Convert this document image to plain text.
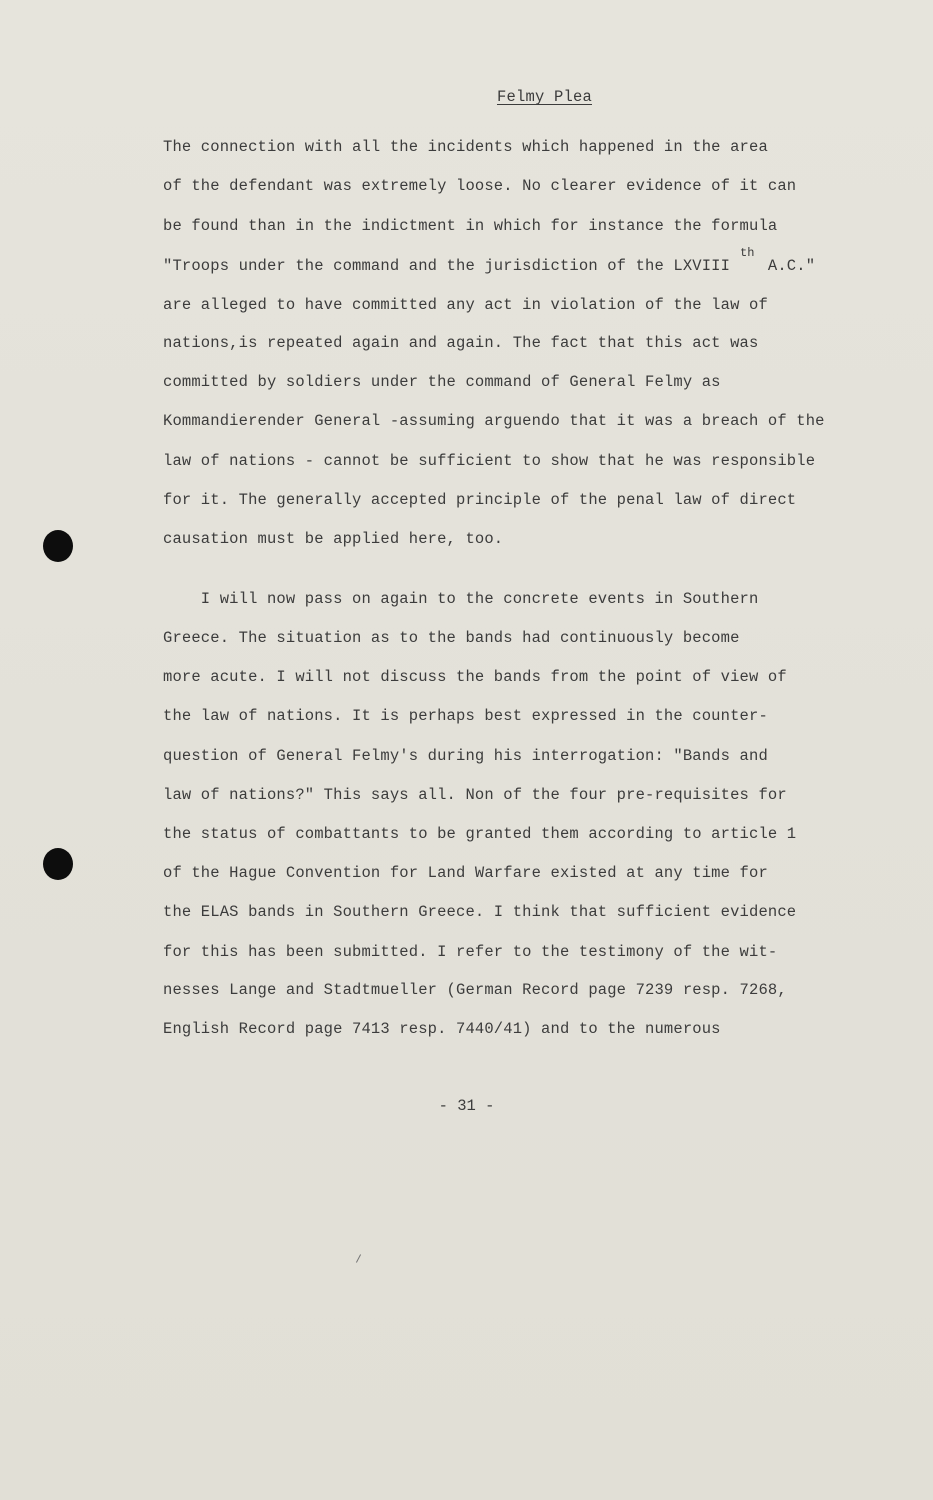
Felmy Plea
The connection with all the incidents which happened in the area
of the defendant was extremely loose. No clearer evidence of it can
be found than in the indictment in which for instance the formula
"Troops under the command and the jurisdiction of the LXVIII    A.C."
th
are alleged to have committed any act in violation of the law of
nations,is repeated again and again. The fact that this act was
committed by soldiers under the command of General Felmy as
Kommandierender General -assuming arguendo that it was a breach of the
law of nations - cannot be sufficient to show that he was responsible
for it. The generally accepted principle of the penal law of direct
causation must be applied here, too.
I will now pass on again to the concrete events in Southern
Greece. The situation as to the bands had continuously become
more acute. I will not discuss the bands from the point of view of
the law of nations. It is perhaps best expressed in the counter-
question of General Felmy's during his interrogation: "Bands and
law of nations?" This says all. Non of the four pre-requisites for
the status of combattants to be granted them according to article 1
of the Hague Convention for Land Warfare existed at any time for
the ELAS bands in Southern Greece. I think that sufficient evidence
for this has been submitted. I refer to the testimony of the wit-
nesses Lange and Stadtmueller (German Record page 7239 resp. 7268,
English Record page 7413 resp. 7440/41) and to the numerous
- 31 -
